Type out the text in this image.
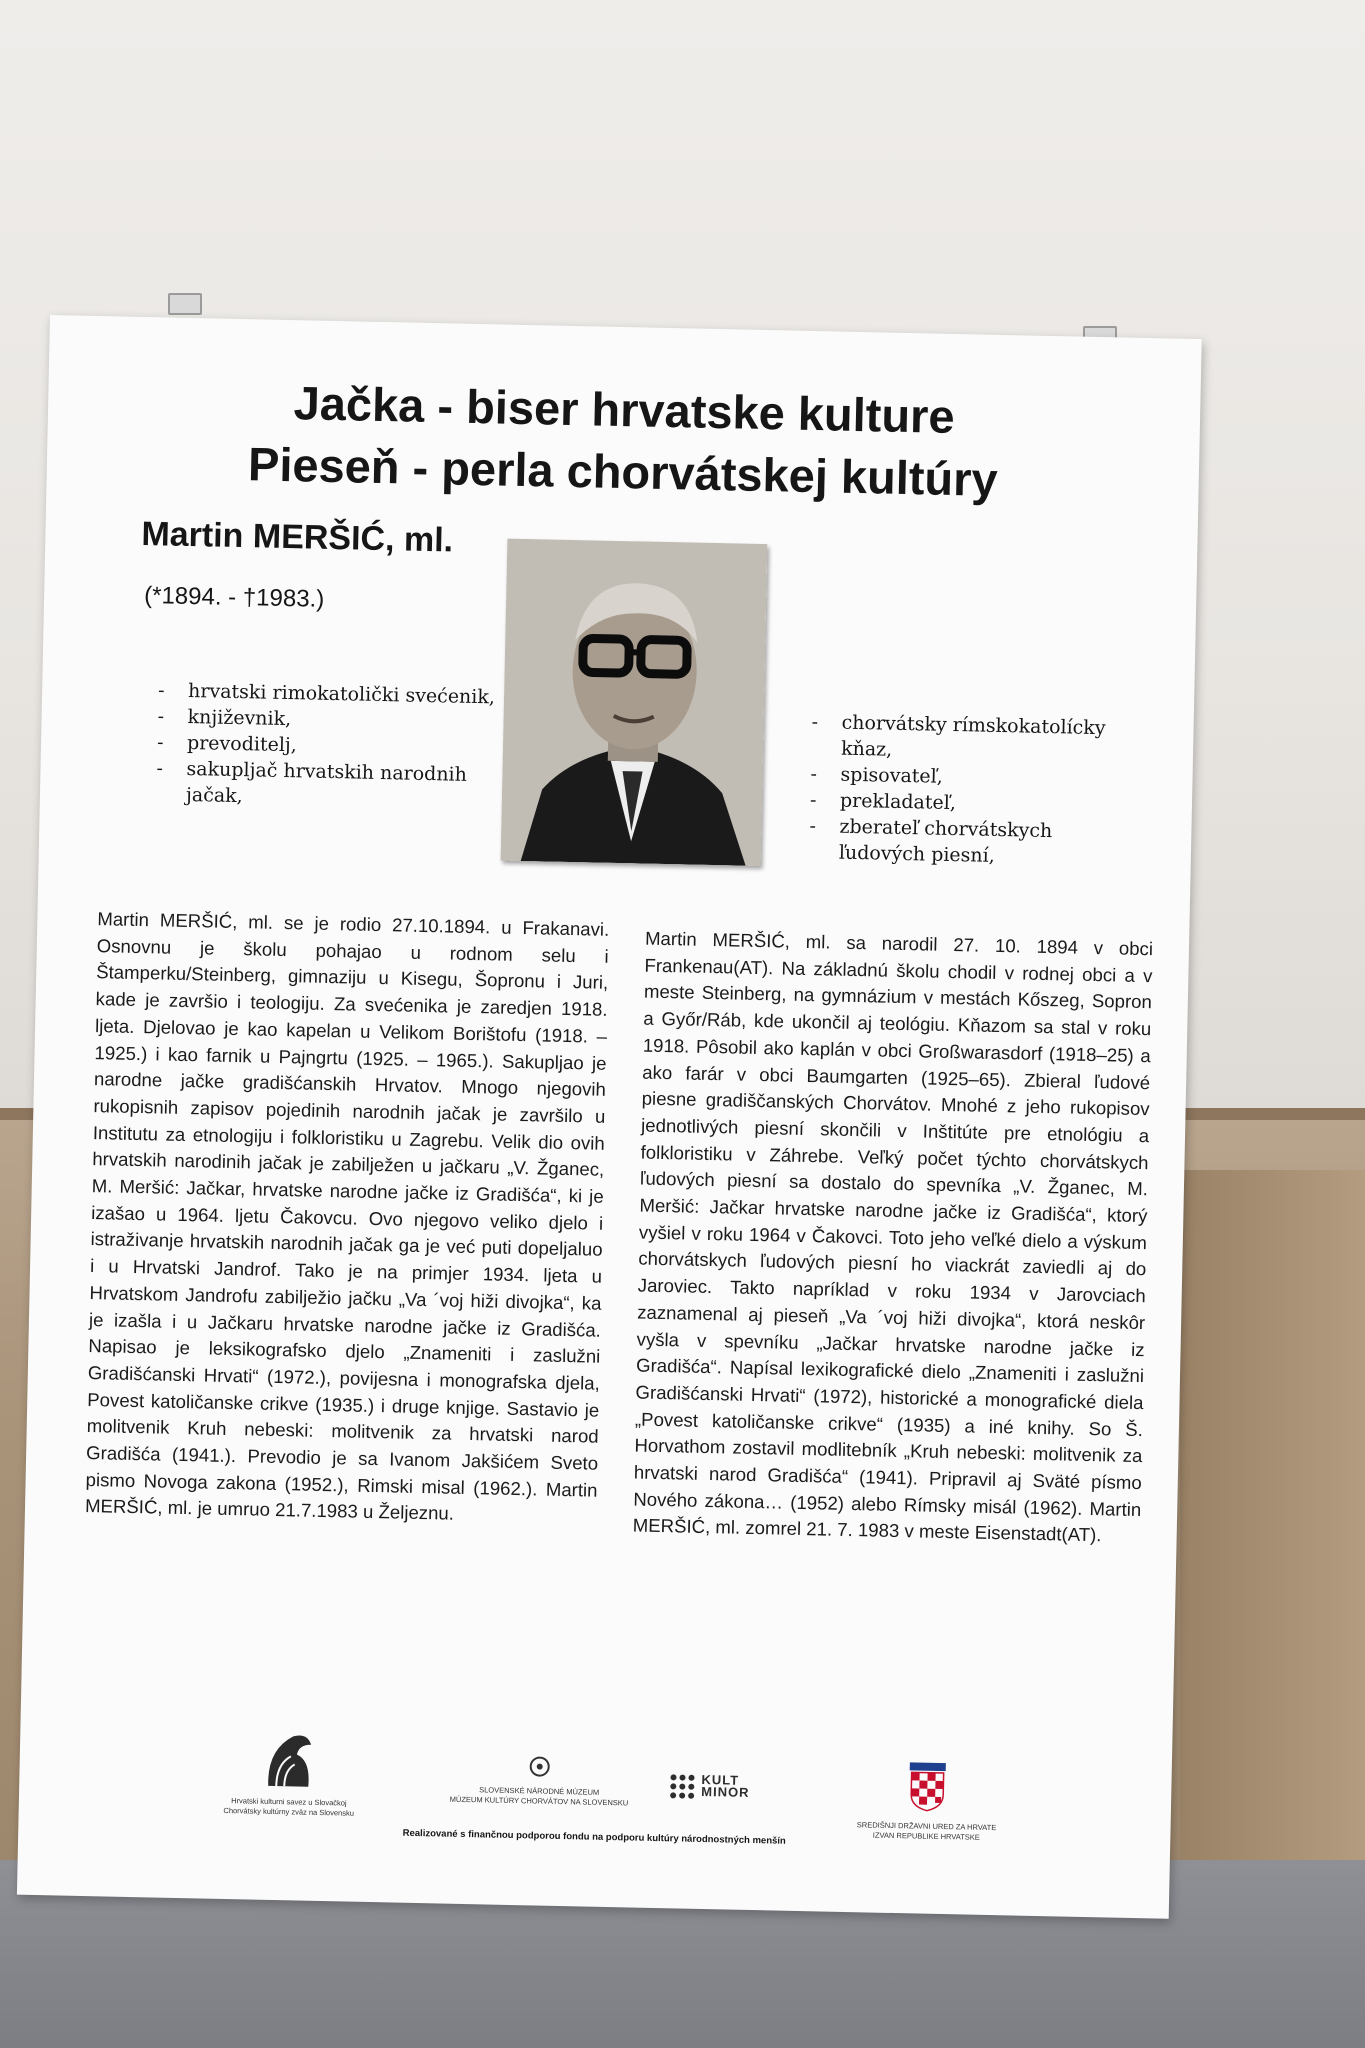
Jačka - biser hrvatske kulture
Pieseň - perla chorvátskej kultúry

Martin MERŠIĆ, ml.

(*1894. - †1983.)

- hrvatski rimokatolički svećenik,
- književnik,
- prevoditelj,
- sakupljač hrvatskih narodnih jačak,
- chorvátsky rímskokatolícky kňaz,
- spisovateľ,
- prekladateľ,
- zberateľ chorvátskych ľudových piesní,

Martin MERŠIĆ, ml. se je rodio 27.10.1894. u Frakanavi. Osnovnu je školu pohajao u rodnom selu i Štamperku/Steinberg, gimnaziju u Kisegu, Šopronu i Juri, kade je završio i teologiju. Za svećenika je zaredjen 1918. ljeta. Djelovao je kao kapelan u Velikom Borištofu (1918. – 1925.) i kao farnik u Pajngrtu (1925. – 1965.). Sakupljao je narodne jačke gradišćanskih Hrvatov. Mnogo njegovih rukopisnih zapisov pojedinih narodnih jačak je završilo u Institutu za etnologiju i folkloristiku u Zagrebu. Velik dio ovih hrvatskih narodinih jačak je zabilježen u jačkaru „V. Žganec, M. Meršić: Jačkar, hrvatske narodne jačke iz Gradišća“, ki je izašao u 1964. ljetu Čakovcu. Ovo njegovo veliko djelo i istraživanje hrvatskih narodnih jačak ga je već puti dopeljaluo i u Hrvatski Jandrof. Tako je na primjer 1934. ljeta u Hrvatskom Jandrofu zabilježio jačku „Va ´voj hiži divojka“, ka je izašla i u Jačkaru hrvatske narodne jačke iz Gradišća. Napisao je leksikografsko djelo „Znameniti i zaslužni Gradišćanski Hrvati“ (1972.), povijesna i monografska djela, Povest katoličanske crikve (1935.) i druge knjige. Sastavio je molitvenik Kruh nebeski: molitvenik za hrvatski narod Gradišća (1941.). Prevodio je sa Ivanom Jakšićem Sveto pismo Novoga zakona (1952.), Rimski misal (1962.). Martin MERŠIĆ, ml. je umruo 21.7.1983 u Željeznu.

Martin MERŠIĆ, ml. sa narodil 27. 10. 1894 v obci Frankenau(AT). Na základnú školu chodil v rodnej obci a v meste Steinberg, na gymnázium v mestách Kőszeg, Sopron a Győr/Ráb, kde ukončil aj teológiu. Kňazom sa stal v roku 1918. Pôsobil ako kaplán v obci Großwarasdorf (1918–25) a ako farár v obci Baumgarten (1925–65). Zbieral ľudové piesne gradiščanských Chorvátov. Mnohé z jeho rukopisov jednotlivých piesní skončili v Inštitúte pre etnológiu a folkloristiku v Záhrebe. Veľký počet týchto chorvátskych ľudových piesní sa dostalo do spevníka „V. Žganec, M. Meršić: Jačkar hrvatske narodne jačke iz Gradišća“, ktorý vyšiel v roku 1964 v Čakovci. Toto jeho veľké dielo a výskum chorvátskych ľudových piesní ho viackrát zaviedli aj do Jaroviec. Takto napríklad v roku 1934 v Jarovciach zaznamenal aj pieseň „Va ´voj hiži divojka“, ktorá neskôr vyšla v spevníku „Jačkar hrvatske narodne jačke iz Gradišća“. Napísal lexikografické dielo „Znameniti i zaslužni Gradišćanski Hrvati“ (1972), historické a monografické diela „Povest katoličanske crikve“ (1935) a iné knihy. So Š. Horvathom zostavil modlitebník „Kruh nebeski: molitvenik za hrvatski narod Gradišća“ (1941). Pripravil aj Sväté písmo Nového zákona… (1952) alebo Rímsky misál (1962). Martin MERŠIĆ, ml. zomrel 21. 7. 1983 v meste Eisenstadt(AT).

Hrvatski kulturni savez u Slovačkoj
Chorvátsky kultúrny zväz na Slovensku
SLOVENSKÉ NÁRODNÉ MÚZEUM
MÚZEUM KULTÚRY CHORVÁTOV NA SLOVENSKU
KULT
MINOR
SREDIŠNJI DRŽAVNI URED ZA HRVATE
IZVAN REPUBLIKE HRVATSKE

Realizované s finančnou podporou fondu na podporu kultúry národnostných menšín
